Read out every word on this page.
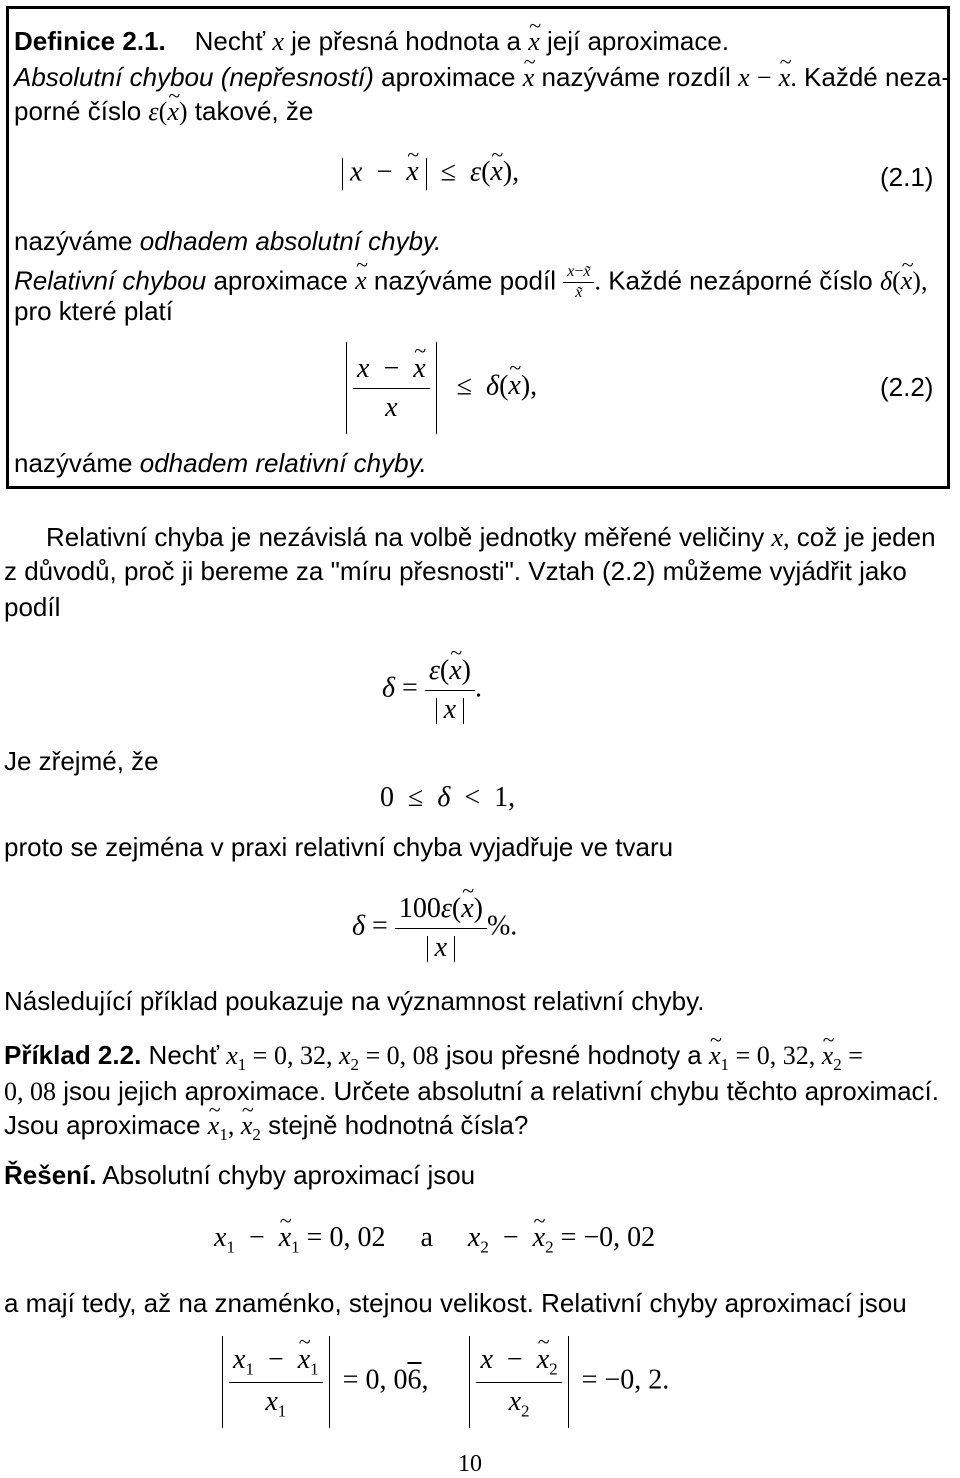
Definice 2.1. Nechť x je přesná hodnota a ~ x její aproximace.
Absolutní chybou (nepřesností) aproximace ~ x nazýváme rozdíl x − ~ x. Každé neza-
porné číslo ε(~ x) takové, že
x  −  ~ x   ≤  ε(~ x),	(2.1)
nazýváme odhadem absolutní chyby.
Relativní chybou aproximace ~ x nazýváme podíl $\frac{x-x̃}{x̃}$ . Každé nezáporné číslo δ(~ x),
pro které platí
$\frac{x - \sim x}{x}$ ≤  δ(~ x),	(2.2)
nazýváme odhadem relativní chyby.
Relativní chyba je nezávislá na volbě jednotky měřené veličiny x, což je jeden
z důvodů, proč ji bereme za "míru přesnosti". Vztah (2.2) můžeme vyjádřit jako
podíl
$\delta = \frac{\varepsilon(\sim x)}{x}$ .
Je zřejmé, že
0  ≤  δ  <  1,
proto se zejména v praxi relativní chyba vyjadřuje ve tvaru
$\delta = \frac{100\varepsilon(\sim x)}{x}$ %.
Následující příklad poukazuje na významnost relativní chyby.
Příklad 2.2. Nechť $x_1 = 0$, 32, $x_2 = 0$, 08 jsou přesné hodnoty a ~ $x_1 = 0$, 32, ~ $x_2$ =
0, 08 jsou jejich aproximace. Určete absolutní a relativní chybu těchto aproximací.
Jsou aproximace ~ $x_1$, ~ $x_2$ stejně hodnotná čísla?
Řešení. Absolutní chyby aproximací jsou
$x_1$  −  ~ $x_1 = 0$, 02     a $x_2$  −  ~ $x_2 = -0$, 02
a mají tedy, až na znaménko, stejnou velikost. Relativní chyby aproximací jsou
$\frac{x_1 - \sim x_1}{x_1} = 0$, 06, $\frac{x - \sim x_2}{x_2} = -0$, 2.
10
